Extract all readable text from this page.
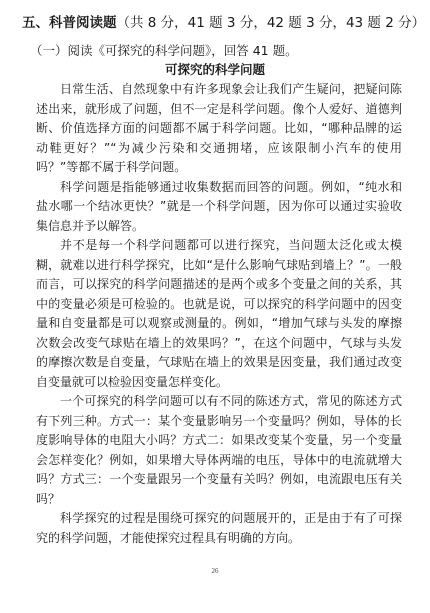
五、科普阅读题（共 8 分，41 题 3 分，42 题 3 分，43 题 2 分）
（一）阅读《可探究的科学问题》，回答 41 题。
可探究的科学问题

日常生活、自然现象中有许多现象会让我们产生疑问，把疑问陈述出来，就形成了问题，但不一定是科学问题。像个人爱好、道德判断、价值选择方面的问题都不属于科学问题。比如，“哪种品牌的运动鞋更好？”“为减少污染和交通拥堵，应该限制小汽车的使用吗？”等都不属于科学问题。

科学问题是指能够通过收集数据而回答的问题。例如，“纯水和盐水哪一个结冰更快？”就是一个科学问题，因为你可以通过实验收集信息并予以解答。

并不是每一个科学问题都可以进行探究，当问题太泛化或太模糊，就难以进行科学探究，比如“是什么影响气球贴到墙上？”。一般而言，可以探究的科学问题描述的是两个或多个变量之间的关系，其中的变量必须是可检验的。也就是说，可以探究的科学问题中的因变量和自变量都是可以观察或测量的。例如，“增加气球与头发的摩擦次数会改变气球贴在墙上的效果吗？”，在这个问题中，气球与头发的摩擦次数是自变量，气球贴在墙上的效果是因变量，我们通过改变自变量就可以检验因变量怎样变化。

一个可探究的科学问题可以有不同的陈述方式，常见的陈述方式有下列三种。方式一：某个变量影响另一个变量吗？例如，导体的长度影响导体的电阻大小吗？方式二：如果改变某个变量，另一个变量会怎样变化？例如，如果增大导体两端的电压，导体中的电流就增大吗？方式三：一个变量跟另一个变量有关吗？例如，电流跟电压有关吗？

科学探究的过程是围绕可探究的问题展开的，正是由于有了可探究的科学问题，才能使探究过程具有明确的方向。

26
